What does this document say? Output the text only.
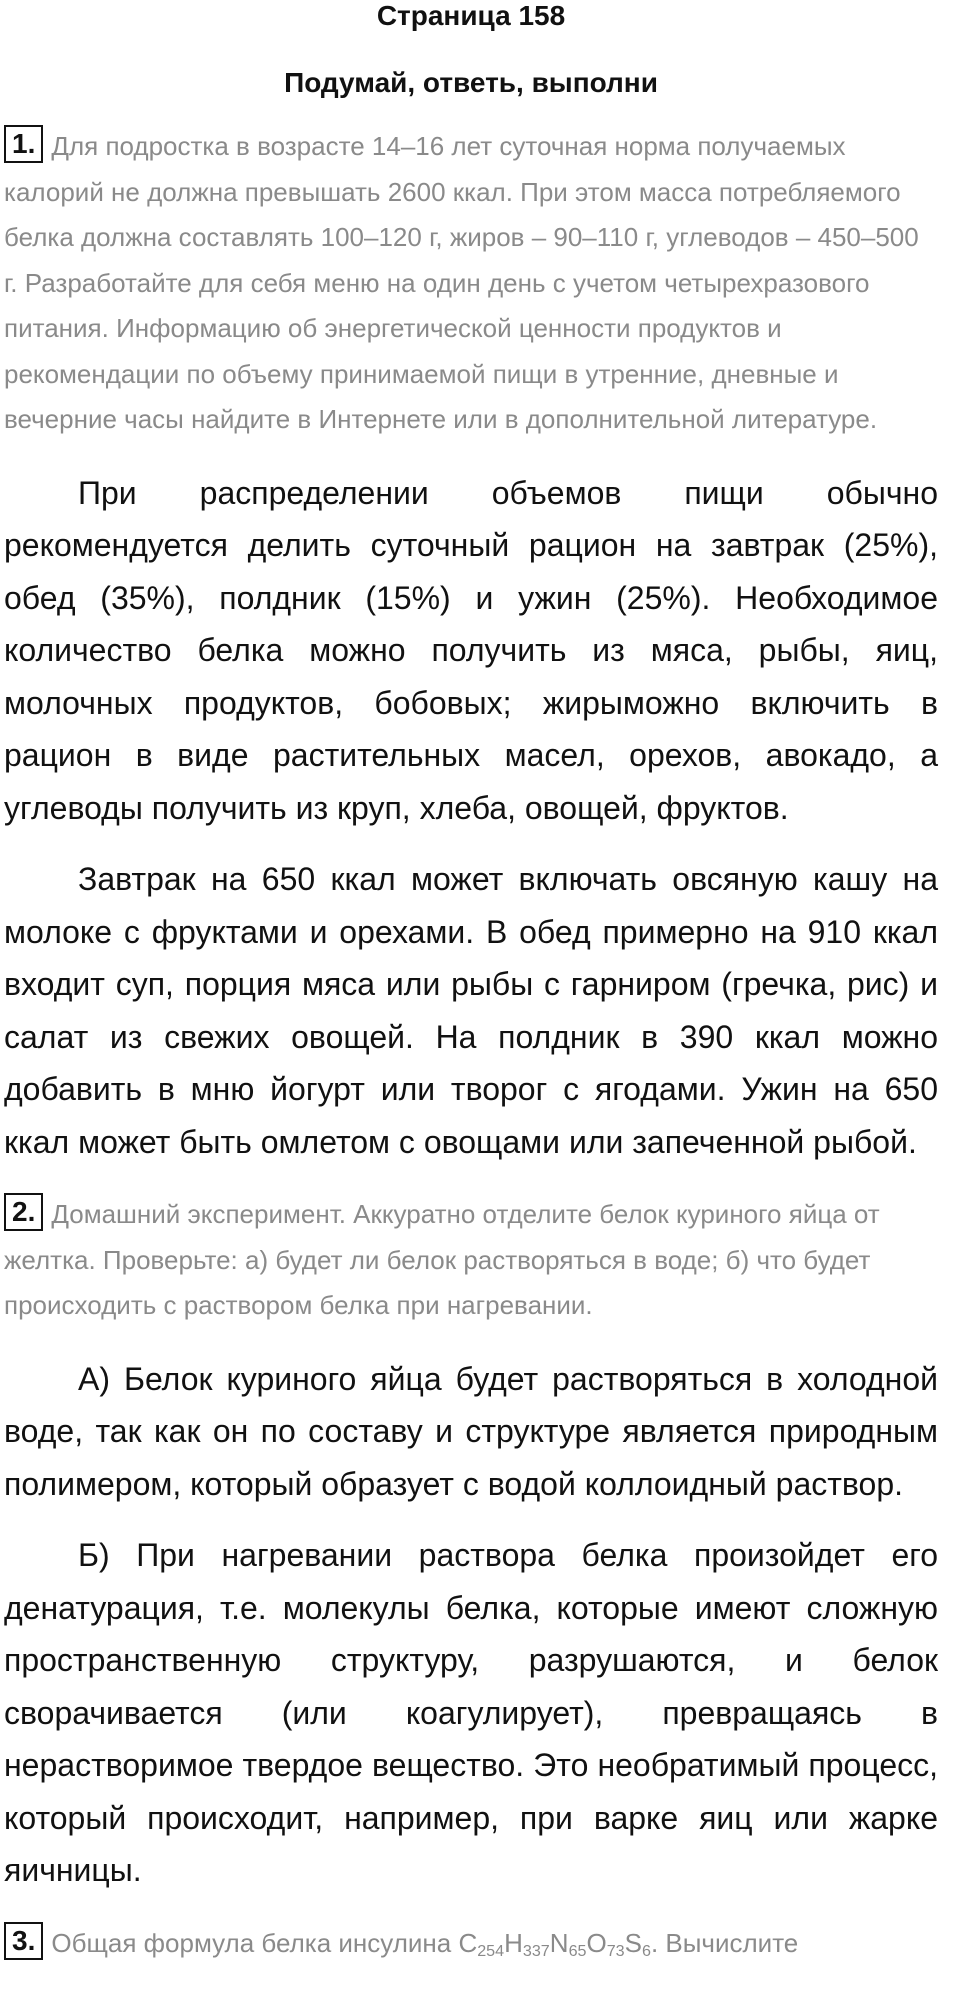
Страница 158
Подумай, ответь, выполни
1. Для подростка в возрасте 14–16 лет суточная норма получаемых калорий не должна превышать 2600 ккал. При этом масса потребляемого белка должна составлять 100–120 г, жиров – 90–110 г, углеводов – 450–500 г. Разработайте для себя меню на один день с учетом четырехразового питания. Информацию об энергетической ценности продуктов и рекомендации по объему принимаемой пищи в утренние, дневные и вечерние часы найдите в Интернете или в дополнительной литературе.

При распределении объемов пищи обычно рекомендуется делить суточный рацион на завтрак (25%), обед (35%), полдник (15%) и ужин (25%). Необходимое количество белка можно получить из мяса, рыбы, яиц, молочных продуктов, бобовых; жирыможно включить в рацион в виде растительных масел, орехов, авокадо, а углеводы получить из круп, хлеба, овощей, фруктов.

Завтрак на 650 ккал может включать овсяную кашу на молоке с фруктами и орехами. В обед примерно на 910 ккал входит суп, порция мяса или рыбы с гарниром (гречка, рис) и салат из свежих овощей. На полдник в 390 ккал можно добавить в мню йогурт или творог с ягодами. Ужин на 650 ккал может быть омлетом с овощами или запеченной рыбой.

2. Домашний эксперимент. Аккуратно отделите белок куриного яйца от желтка. Проверьте: а) будет ли белок растворяться в воде; б) что будет происходить с раствором белка при нагревании.

А) Белок куриного яйца будет растворяться в холодной воде, так как он по составу и структуре является природным полимером, который образует с водой коллоидный раствор.

Б) При нагревании раствора белка произойдет его денатурация, т.е. молекулы белка, которые имеют сложную пространственную структуру, разрушаются, и белок сворачивается (или коагулирует), превращаясь в нерастворимое твердое вещество. Это необратимый процесс, который происходит, например, при варке яиц или жарке яичницы.

3. Общая формула белка инсулина $C_{254}H_{337}N_{65}O_{73}S_6$. Вычислите
